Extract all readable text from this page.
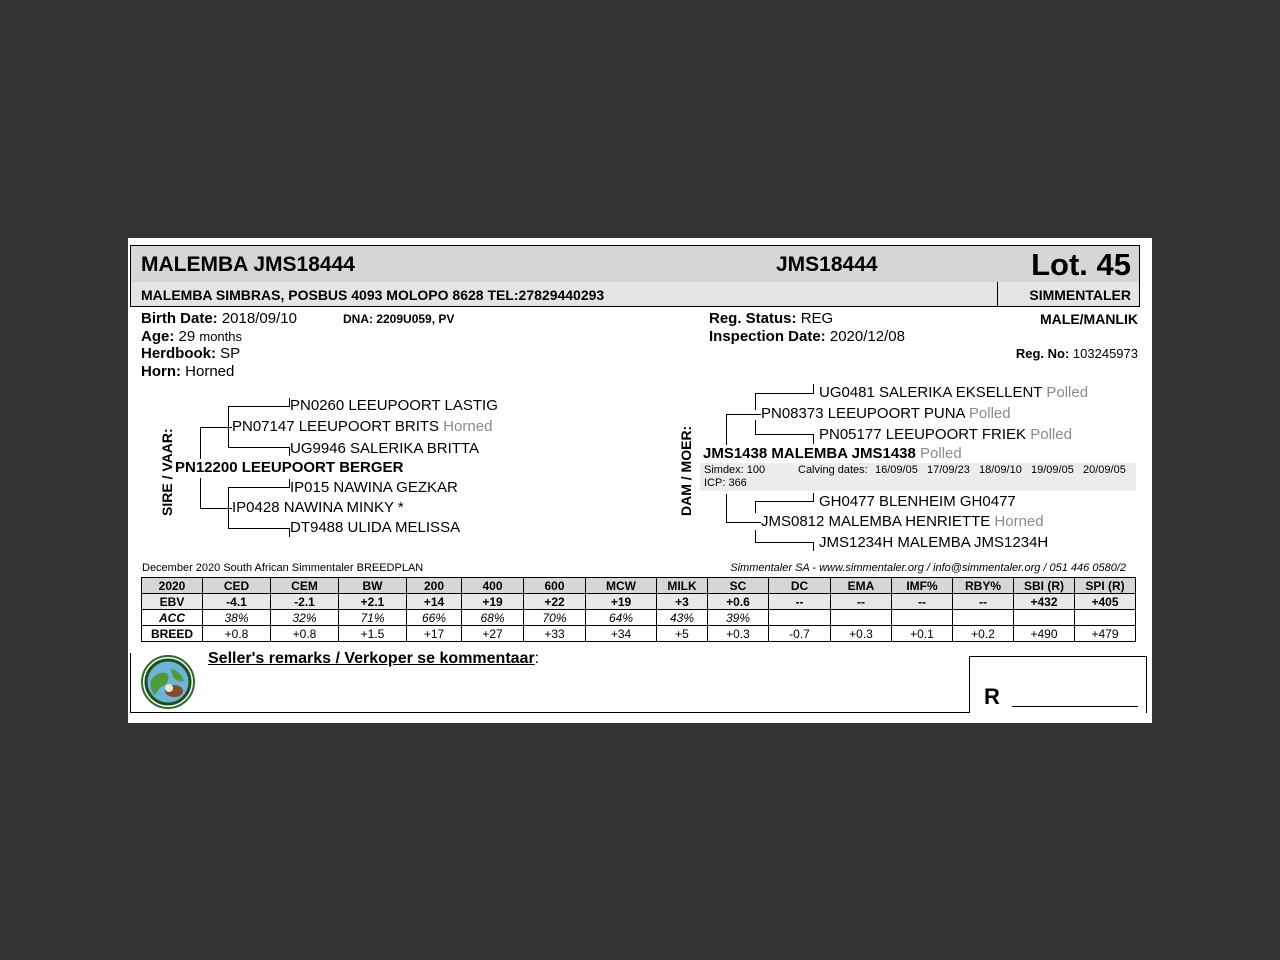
MALEMBA JMS18444	JMS18444	Lot. 45
MALEMBA SIMBRAS, POSBUS 4093 MOLOPO 8628 TEL:27829440293	SIMMENTALER
Birth Date: 2018/09/10	DNA: 2209U059, PV
Age: 29 months
Herdbook: SP
Horn: Horned
Reg. Status: REG
Inspection Date: 2020/12/08
MALE/MANLIK
Reg. No: 103245973
SIRE / VAAR:
PN0260 LEEUPOORT LASTIG
PN07147 LEEUPOORT BRITS Horned
UG9946 SALERIKA BRITTA
PN12200 LEEUPOORT BERGER
IP015 NAWINA GEZKAR
IP0428 NAWINA MINKY *
DT9488 ULIDA MELISSA
DAM / MOER:
UG0481 SALERIKA EKSELLENT Polled
PN08373 LEEUPOORT PUNA Polled
PN05177 LEEUPOORT FRIEK Polled
JMS1438 MALEMBA JMS1438 Polled
Simdex: 100
ICP: 366
Calving dates: 16/09/05 17/09/23 18/09/10 19/09/05 20/09/05
GH0477 BLENHEIM GH0477
JMS0812 MALEMBA HENRIETTE Horned
JMS1234H MALEMBA JMS1234H
December 2020 South African Simmentaler BREEDPLAN	Simmentaler SA - www.simmentaler.org / info@simmentaler.org / 051 446 0580/2
2020	CED	CEM	BW	200	400	600	MCW	MILK	SC	DC	EMA	IMF%	RBY%	SBI (R)	SPI (R)
EBV	-4.1	-2.1	+2.1	+14	+19	+22	+19	+3	+0.6	--	--	--	--	+432	+405
ACC	38%	32%	71%	66%	68%	70%	64%	43%	39%						
BREED	+0.8	+0.8	+1.5	+17	+27	+33	+34	+5	+0.3	-0.7	+0.3	+0.1	+0.2	+490	+479
Seller's remarks / Verkoper se kommentaar:
R
